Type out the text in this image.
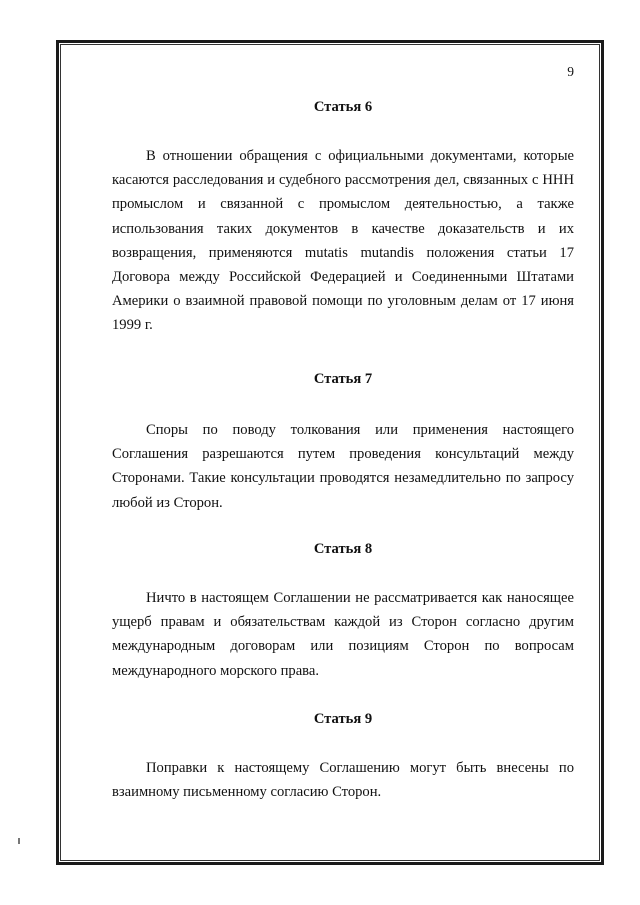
9
Статья 6

В отношении обращения с официальными документами, которые касаются расследования и судебного рассмотрения дел, связанных с ННН промыслом и связанной с промыслом деятельностью, а также использования таких документов в качестве доказательств и их возвращения, применяются mutatis mutandis положения статьи 17 Договора между Российской Федерацией и Соединенными Штатами Америки о взаимной правовой помощи по уголовным делам от 17 июня 1999 г.

Статья 7

Споры по поводу толкования или применения настоящего Соглашения разрешаются путем проведения консультаций между Сторонами. Такие консультации проводятся незамедлительно по запросу любой из Сторон.

Статья 8

Ничто в настоящем Соглашении не рассматривается как наносящее ущерб правам и обязательствам каждой из Сторон согласно другим международным договорам или позициям Сторон по вопросам международного морского права.

Статья 9

Поправки к настоящему Соглашению могут быть внесены по взаимному письменному согласию Сторон.
